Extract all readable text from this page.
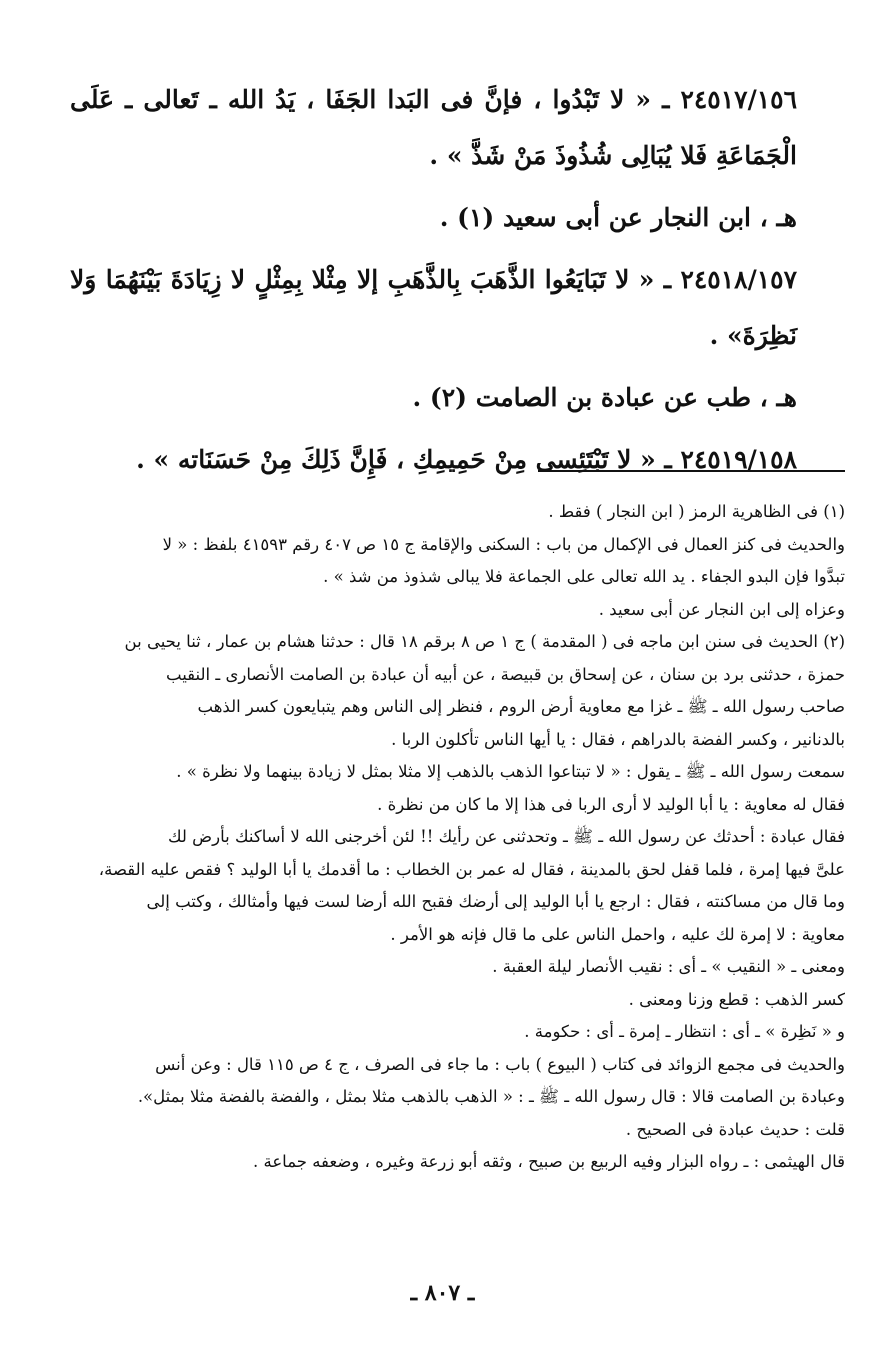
٢٤٥١٧/١٥٦ ـ « لا تَبْدُوا ، فإنَّ فى البَدا الجَفَا ، يَدُ الله ـ تَعالى ـ عَلَى الْجَمَاعَةِ فَلا يُبَالِى شُذُوذَ مَنْ شَذَّ » .

هـ ، ابن النجار عن أبى سعيد (١) .

٢٤٥١٨/١٥٧ ـ « لا تَبَايَعُوا الذَّهَبَ بِالذَّهَبِ إلا مِثْلا بِمِثْلٍ لا زِيَادَةَ بَيْنَهُمَا وَلا نَظِرَةَ» .

هـ ، طب عن عبادة بن الصامت (٢) .

٢٤٥١٩/١٥٨ ـ « لا تَبْتَئِسى مِنْ حَمِيمِكِ ، فَإِنَّ ذَلِكَ مِنْ حَسَنَاته » .

(١) فى الظاهرية الرمز ( ابن النجار ) فقط .

والحديث فى كنز العمال فى الإكمال من باب : السكنى والإقامة ج ١٥ ص ٤٠٧ رقم ٤١٥٩٣ بلفظ : « لا

تبدَّوا فإن البدو الجفاء . يد الله تعالى على الجماعة فلا يبالى شذوذ من شذ » .

وعزاه إلى ابن النجار عن أبى سعيد .

(٢) الحديث فى سنن ابن ماجه فى ( المقدمة ) ج ١ ص ٨ برقم ١٨ قال : حدثنا هشام بن عمار ، ثنا يحيى بن

حمزة ، حدثنى برد بن سنان ، عن إسحاق بن قبيصة ، عن أبيه أن عبادة بن الصامت الأنصارى ـ النقيب

صاحب رسول الله ـ ﷺ ـ غزا مع معاوية أرض الروم ، فنظر إلى الناس وهم يتبايعون كسر الذهب

بالدنانير ، وكسر الفضة بالدراهم ، فقال : يا أيها الناس تأكلون الربا .

سمعت رسول الله ـ ﷺ ـ يقول : « لا تبتاعوا الذهب بالذهب إلا مثلا بمثل لا زيادة بينهما ولا نظرة » .

فقال له معاوية : يا أبا الوليد لا أرى الربا فى هذا إلا ما كان من نظرة .

فقال عبادة : أحدثك عن رسول الله ـ ﷺ ـ وتحدثنى عن رأيك !! لئن أخرجنى الله لا أساكنك بأرض لك

علىَّ فيها إمرة ، فلما قفل لحق بالمدينة ، فقال له عمر بن الخطاب : ما أقدمك يا أبا الوليد ؟ فقص عليه القصة،

وما قال من مساكنته ، فقال : ارجع يا أبا الوليد إلى أرضك فقبح الله أرضا لست فيها وأمثالك ، وكتب إلى

معاوية : لا إمرة لك عليه ، واحمل الناس على ما قال فإنه هو الأمر .

ومعنى ـ « النقيب » ـ أى : نقيب الأنصار ليلة العقبة .

كسر الذهب : قطع وزنا ومعنى .

و « نَظِرة » ـ أى : انتظار ـ إمرة ـ أى : حكومة .

والحديث فى مجمع الزوائد فى كتاب ( البيوع ) باب : ما جاء فى الصرف ، ج ٤ ص ١١٥ قال : وعن أنس

وعبادة بن الصامت قالا : قال رسول الله ـ ﷺ ـ : « الذهب بالذهب مثلا بمثل ، والفضة بالفضة مثلا بمثل».

قلت : حديث عبادة فى الصحيح .

قال الهيثمى : ـ رواه البزار وفيه الربيع بن صبيح ، وثقه أبو زرعة وغيره ، وضعفه جماعة .

ـ ٨٠٧ ـ
